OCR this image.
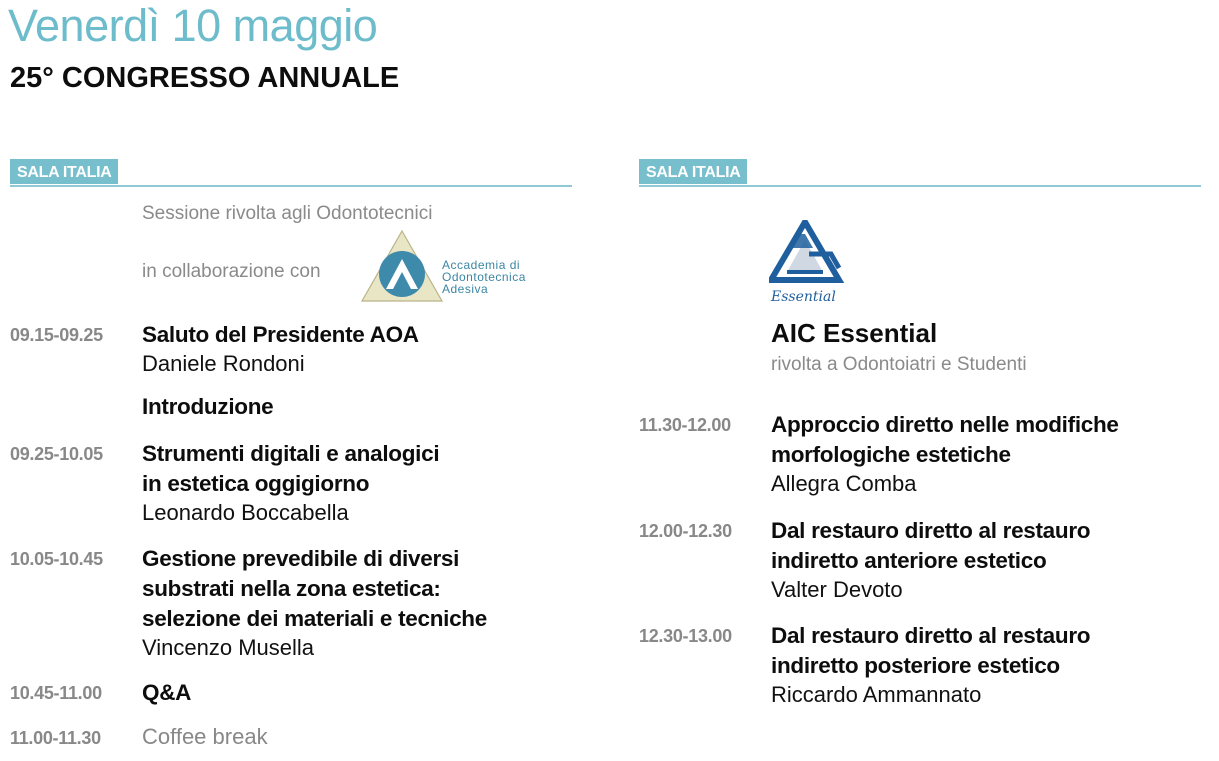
Venerdì 10 maggio
25° CONGRESSO ANNUALE
SALA ITALIA
Sessione rivolta agli Odontotecnici
in collaborazione con	Accademia di
Odontotecnica
Adesiva
09.15-09.25	Saluto del Presidente AOA
Daniele Rondoni
Introduzione
09.25-10.05	Strumenti digitali e analogici
in estetica oggigiorno
Leonardo Boccabella
10.05-10.45	Gestione prevedibile di diversi
substrati nella zona estetica:
selezione dei materiali e tecniche
Vincenzo Musella
10.45-11.00	Q&A
11.00-11.30	Coffee break
SALA ITALIA
Essential
AIC Essential
rivolta a Odontoiatri e Studenti
11.30-12.00	Approccio diretto nelle modifiche
morfologiche estetiche
Allegra Comba
12.00-12.30	Dal restauro diretto al restauro
indiretto anteriore estetico
Valter Devoto
12.30-13.00	Dal restauro diretto al restauro
indiretto posteriore estetico
Riccardo Ammannato
